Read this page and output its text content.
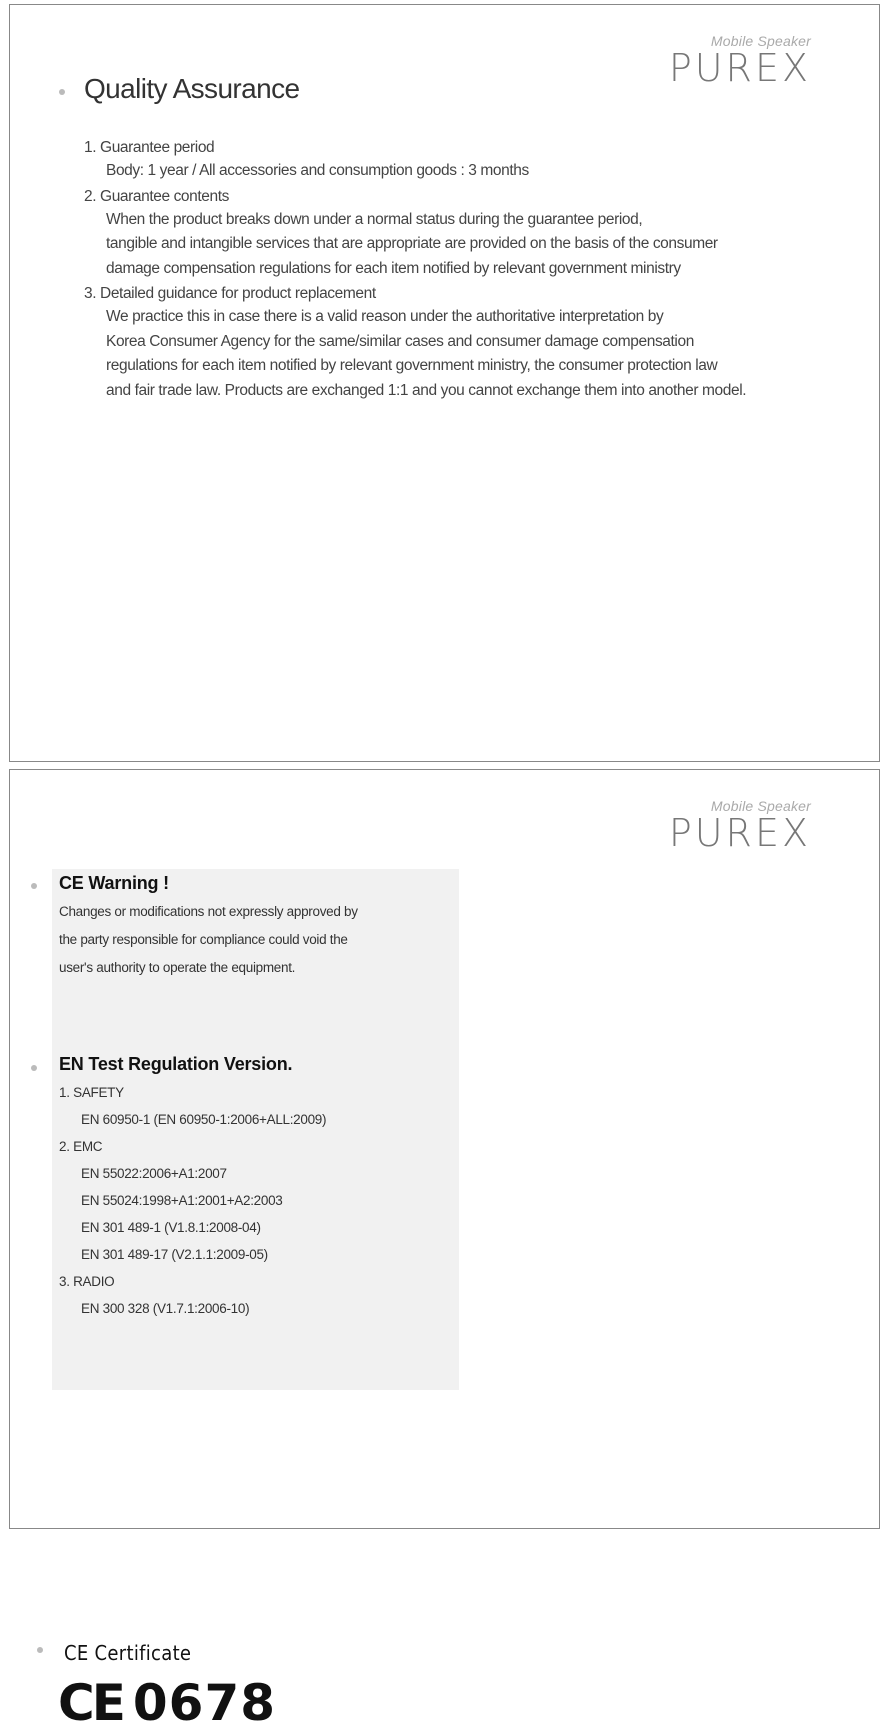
Mobile Speaker
PUREX
Quality Assurance
1. Guarantee period
Body: 1 year / All accessories and consumption goods : 3 months
2. Guarantee contents
When the product breaks down under a normal status during the guarantee period,
tangible and intangible services that are appropriate are provided on the basis of the consumer
damage compensation regulations for each item notified by relevant government ministry
3. Detailed guidance for product replacement
We practice this in case there is a valid reason under the authoritative interpretation by
Korea Consumer Agency for the same/similar cases and consumer damage compensation
regulations for each item notified by relevant government ministry, the consumer protection law
and fair trade law. Products are exchanged 1:1 and you cannot exchange them into another model.
Mobile Speaker
PUREX
CE Warning !
Changes or modifications not expressly approved by
the party responsible for compliance could void the
user's authority to operate the equipment.
EN Test Regulation Version.
1. SAFETY
EN 60950-1 (EN 60950-1:2006+ALL:2009)
2. EMC
EN 55022:2006+A1:2007
EN 55024:1998+A1:2001+A2:2003
EN 301 489-1 (V1.8.1:2008-04)
EN 301 489-17 (V2.1.1:2009-05)
3. RADIO
EN 300 328 (V1.7.1:2006-10)
CE Certificate
CE 0678
